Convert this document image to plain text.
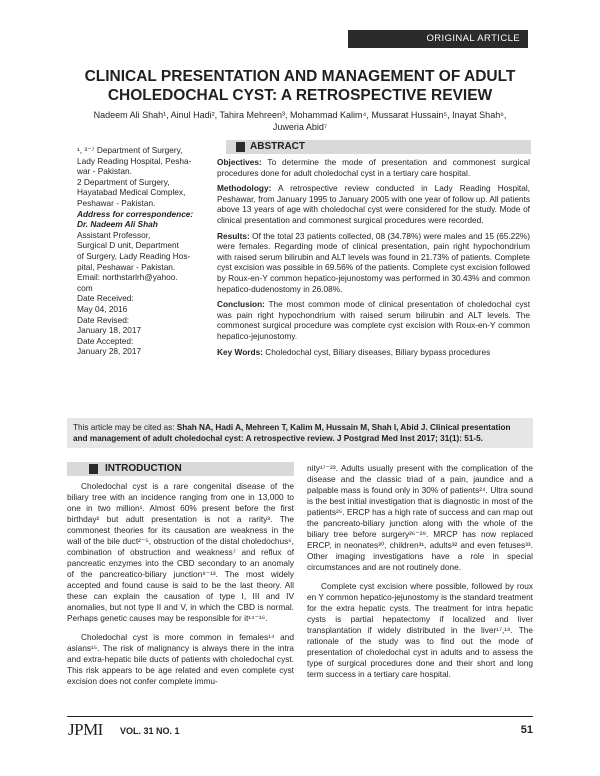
ORIGINAL ARTICLE
CLINICAL PRESENTATION AND MANAGEMENT OF ADULT
CHOLEDOCHAL CYST: A RETROSPECTIVE REVIEW
Nadeem Ali Shah¹, Ainul Hadi², Tahira Mehreen³, Mohammad Kalim⁴, Mussarat Hussain⁵, Inayat Shah⁶,
Juweria Abid⁷
¹, ³⁻⁷ Department of Surgery,
Lady Reading Hospital, Pesha-
war - Pakistan.
2 Department of Surgery,
Hayatabad Medical Complex,
Peshawar - Pakistan.
Address for correspondence:
Dr. Nadeem Ali Shah
Assistant Professor,
Surgical D unit, Department
of Surgery, Lady Reading Hos-
pital, Peshawar - Pakistan.
Email: northstarlrh@yahoo.
com
Date Received:
May 04, 2016
Date Revised:
January 18, 2017
Date Accepted:
January 28, 2017
ABSTRACT

Objectives: To determine the mode of presentation and commonest surgical procedures done for adult choledochal cyst in a tertiary care hospital.

Methodology: A retrospective review conducted in Lady Reading Hospital, Peshawar, from January 1995 to January 2005 with one year of follow up. All patients above 13 years of age with choledochal cyst were considered for the study. Mode of clinical presentation and commonest surgical procedures were recorded.

Results: Of the total 23 patients collected, 08 (34.78%) were males and 15 (65.22%) were females. Regarding mode of clinical presentation, pain right hypochondrium with raised serum bilirubin and ALT levels was found in 21.73% of patients. Complete cyst excision was possible in 69.56% of the patients. Complete cyst excision followed by Roux-en-Y common hepatico-jejunostomy was performed in 30.43% and common hepatico-dudenostomy in 26.08%.

Conclusion: The most common mode of clinical presentation of choledochal cyst was pain right hypochondrium with raised serum bilirubin and ALT levels. The commonest surgical procedure was complete cyst excision with Roux-en-Y common hepatico-jejunostomy.

Key Words: Choledochal cyst, Biliary diseases, Biliary bypass procedures

This article may be cited as: Shah NA, Hadi A, Mehreen T, Kalim M, Hussain M, Shah I, Abid J. Clinical presentation and management of adult choledochal cyst: A retrospective review. J Postgrad Med Inst 2017; 31(1): 51-5.
INTRODUCTION

Choledochal cyst is a rare congenital disease of the biliary tree with an incidence ranging from one in 13,000 to one in two million¹. Almost 60% present before the first birthday² but adult presentation is not a rarity³. The commonest theories for its causation are weakness in the wall of the bile duct²⁻⁵, obstruction of the distal choledochus⁶, combination of obstruction and weakness⁷ and reflux of pancreatic enzymes into the CBD secondary to an anomaly of the pancreatico-biliary junction⁸⁻¹³. The most widely accepted and found cause is said to be the last theory. All these can explain the causation of type I, III and IV anomalies, but not type II and V, in which the CBD is normal. Perhaps genetic causes may be responsible for it¹⁴⁻¹⁶.

Choledochal cyst is more common in females¹⁴ and asians¹⁵. The risk of malignancy is always there in the intra and extra-hepatic bile ducts of patients with choledochal cyst. This risk appears to be age related and even complete cyst excision does not confer complete immu-

nity¹⁷⁻²³. Adults usually present with the complication of the disease and the classic triad of a pain, jaundice and a palpable mass is found only in 30% of patients²⁴. Ultra sound is the best initial investigation that is diagnostic in most of the patients²⁵. ERCP has a high rate of success and can map out the pancreato-biliary junction along with the whole of the biliary tree before surgery²⁶⁻²⁹. MRCP has now replaced ERCP, in neonates³⁰, children³¹, adults³² and even fetuses³³. Other imaging investigations have a role in special circumstances and are not routinely done.

Complete cyst excision where possible, followed by roux en Y common hepatico-jejunostomy is the standard treatment for the extra hepatic cysts. The treatment for intra hepatic cysts is partial hepatectomy if localized and liver transplantation if widely distributed in the liver¹⁷,¹⁸. The rationale of the study was to find out the mode of presentation of choledochal cyst in adults and to assess the type of surgical procedures done and their short and long term success in a tertiary care hospital.

JPMI VOL. 31 NO. 1	51
